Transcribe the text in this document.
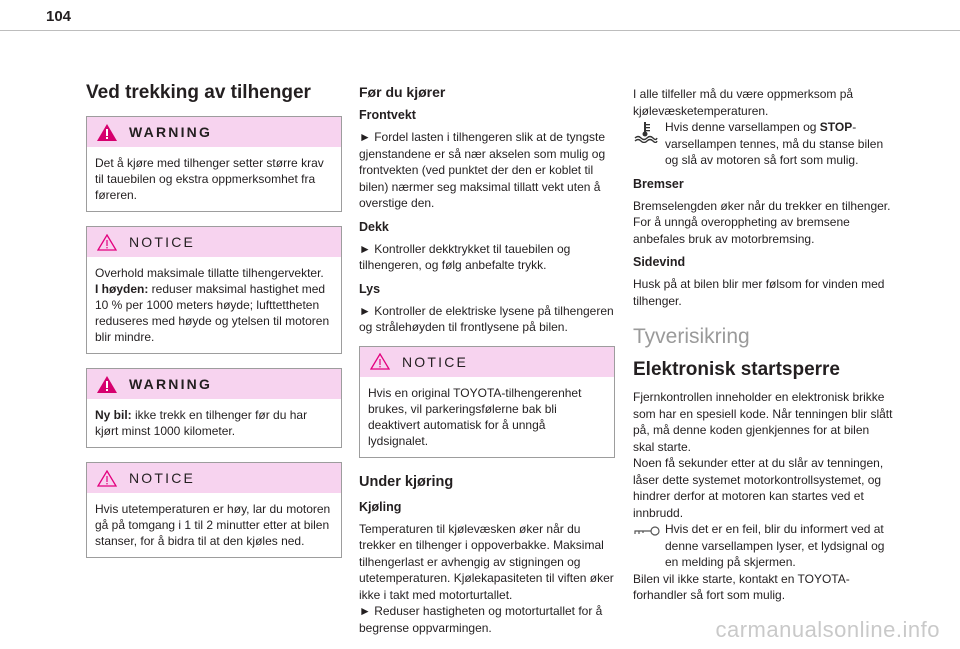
104
Ved trekking av tilhenger
WARNING
Det å kjøre med tilhenger setter større krav til tauebilen og ekstra oppmerksomhet fra føreren.
NOTICE
Overhold maksimale tillatte tilhengervekter.
I høyden: reduser maksimal hastighet med 10 % per 1000 meters høyde; lufttettheten reduseres med høyde og ytelsen til motoren blir mindre.
WARNING
Ny bil: ikke trekk en tilhenger før du har kjørt minst 1000 kilometer.
NOTICE
Hvis utetemperaturen er høy, lar du motoren gå på tomgang i 1 til 2 minutter etter at bilen stanser, for å bidra til at den kjøles ned.
Før du kjører
Frontvekt

► Fordel lasten i tilhengeren slik at de tyngste gjenstandene er så nær akselen som mulig og frontvekten (ved punktet der den er koblet til bilen) nærmer seg maksimal tillatt vekt uten å overstige den.

Dekk

► Kontroller dekktrykket til tauebilen og tilhengeren, og følg anbefalte trykk.

Lys

► Kontroller de elektriske lysene på tilhengeren og strålehøyden til frontlysene på bilen.

NOTICE
Hvis en original TOYOTA-tilhengerenhet brukes, vil parkeringsfølerne bak bli deaktivert automatisk for å unngå lydsignalet.
Under kjøring
Kjøling

Temperaturen til kjølevæsken øker når du trekker en tilhenger i oppoverbakke. Maksimal tilhengerlast er avhengig av stigningen og utetemperaturen. Kjølekapasiteten til viften øker ikke i takt med motorturtallet.

► Reduser hastigheten og motorturtallet for å begrense oppvarmingen.

I alle tilfeller må du være oppmerksom på kjølevæsketemperaturen.

Hvis denne varsellampen og STOP-varsellampen tennes, må du stanse bilen og slå av motoren så fort som mulig.

Bremser

Bremselengden øker når du trekker en tilhenger. For å unngå overoppheting av bremsene anbefales bruk av motorbremsing.

Sidevind

Husk på at bilen blir mer følsom for vinden med tilhenger.

Tyverisikring
Elektronisk startsperre

Fjernkontrollen inneholder en elektronisk brikke som har en spesiell kode. Når tenningen blir slått på, må denne koden gjenkjennes for at bilen skal starte.

Noen få sekunder etter at du slår av tenningen, låser dette systemet motorkontrollsystemet, og hindrer derfor at motoren kan startes ved et innbrudd.

Hvis det er en feil, blir du informert ved at denne varsellampen lyser, et lydsignal og en melding på skjermen.

Bilen vil ikke starte, kontakt en TOYOTA-forhandler så fort som mulig.

carmanualsonline.info
